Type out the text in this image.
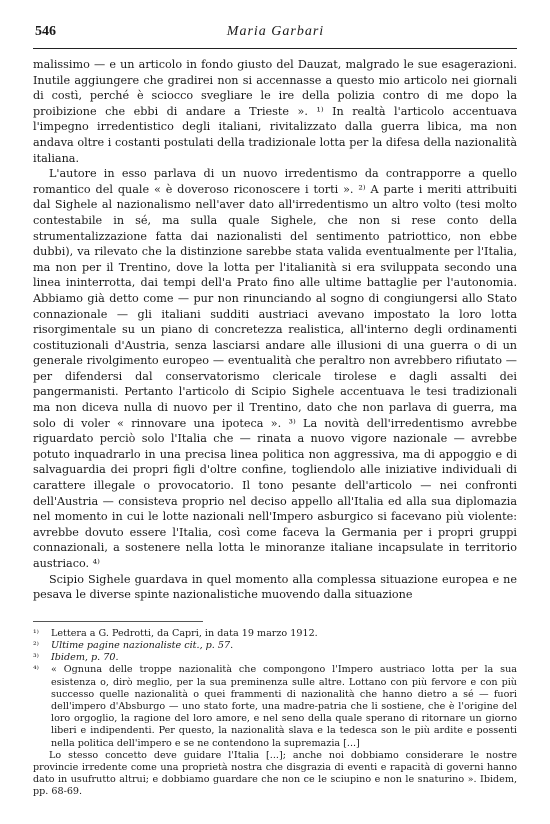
546	Maria Garbari

malissimo — e un articolo in fondo giusto del Dauzat, malgrado le sue esagerazioni. Inutile aggiungere che gradirei non si accennasse a questo mio articolo nei giornali di costì, perché è sciocco svegliare le ire della polizia contro di me dopo la proibizione che ebbi di andare a Trieste ». ¹⁾ In realtà l'articolo accentuava l'impegno irredentistico degli italiani, rivitalizzato dalla guerra libica, ma non andava oltre i costanti postulati della tradizionale lotta per la difesa della nazionalità italiana.

L'autore in esso parlava di un nuovo irredentismo da contrapporre a quello romantico del quale « è doveroso riconoscere i torti ». ²⁾ A parte i meriti attribuiti dal Sighele al nazionalismo nell'aver dato all'irredentismo un altro volto (tesi molto contestabile in sé, ma sulla quale Sighele, che non si rese conto della strumentalizzazione fatta dai nazionalisti del sentimento patriottico, non ebbe dubbi), va rilevato che la distinzione sarebbe stata valida eventualmente per l'Italia, ma non per il Trentino, dove la lotta per l'italianità si era sviluppata secondo una linea ininterrotta, dai tempi dell'a Prato fino alle ultime battaglie per l'autonomia. Abbiamo già detto come — pur non rinunciando al sogno di congiungersi allo Stato connazionale — gli italiani sudditi austriaci avevano impostato la loro lotta risorgimentale su un piano di concretezza realistica, all'interno degli ordinamenti costituzionali d'Austria, senza lasciarsi andare alle illusioni di una guerra o di un generale rivolgimento europeo — eventualità che peraltro non avrebbero rifiutato — per difendersi dal conservatorismo clericale tirolese e dagli assalti dei pangermanisti. Pertanto l'articolo di Scipio Sighele accentuava le tesi tradizionali ma non diceva nulla di nuovo per il Trentino, dato che non parlava di guerra, ma solo di voler « rinnovare una ipoteca ». ³⁾ La novità dell'irredentismo avrebbe riguardato perciò solo l'Italia che — rinata a nuovo vigore nazionale — avrebbe potuto inquadrarlo in una precisa linea politica non aggressiva, ma di appoggio e di salvaguardia dei propri figli d'oltre confine, togliendolo alle iniziative individuali di carattere illegale o provocatorio. Il tono pesante dell'articolo — nei confronti dell'Austria — consisteva proprio nel deciso appello all'Italia ed alla sua diplomazia nel momento in cui le lotte nazionali nell'Impero asburgico si facevano più violente: avrebbe dovuto essere l'Italia, così come faceva la Germania per i propri gruppi connazionali, a sostenere nella lotta le minoranze italiane incapsulate in territorio austriaco. ⁴⁾

Scipio Sighele guardava in quel momento alla complessa situazione europea e ne pesava le diverse spinte nazionalistiche muovendo dalla situazione

¹⁾	Lettera a G. Pedrotti, da Capri, in data 19 marzo 1912.
²⁾	Ultime pagine nazionaliste cit., p. 57.
³⁾	Ibidem, p. 70.
⁴⁾	« Ognuna delle troppe nazionalità che compongono l'Impero austriaco lotta per la sua esistenza o, dirò meglio, per la sua preminenza sulle altre. Lottano con più fervore e con più successo quelle nazionalità o quei frammenti di nazionalità che hanno dietro a sé — fuori dell'impero d'Absburgo — uno stato forte, una madre-patria che li sostiene, che è l'origine del loro orgoglio, la ragione del loro amore, e nel seno della quale sperano di ritornare un giorno liberi e indipendenti. Per questo, la nazionalità slava e la tedesca son le più ardite e possenti nella politica dell'impero e se ne contendono la supremazia [...]

Lo stesso concetto deve guidare l'Italia [...]; anche noi dobbiamo considerare le nostre provincie irredente come una proprietà nostra che disgrazia di eventi e rapacità di governi hanno dato in usufrutto altrui; e dobbiamo guardare che non ce le sciupino e non le snaturino ». Ibidem, pp. 68-69.
